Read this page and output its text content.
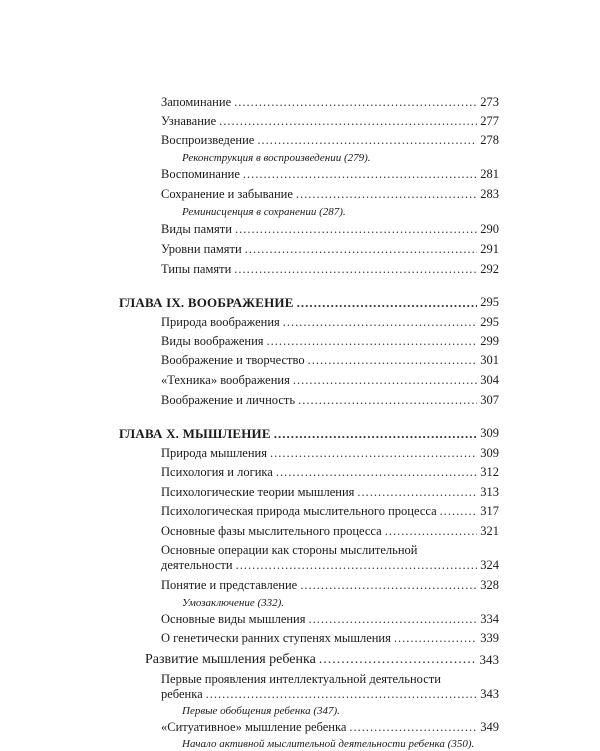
Запоминание .....	273
Узнавание .....	277
Воспроизведение .....	278
Реконструкция в воспроизведении (279).
Воспоминание .....	281
Сохранение и забывание .....	283
Реминисценция в сохранении (287).
Виды памяти .....	290
Уровни памяти .....	291
Типы памяти .....	292
ГЛАВА IX. ВООБРАЖЕНИЕ .....	295
Природа воображения .....	295
Виды воображения .....	299
Воображение и творчество .....	301
«Техника» воображения .....	304
Воображение и личность .....	307
ГЛАВА X. МЫШЛЕНИЕ .....	309
Природа мышления .....	309
Психология и логика .....	312
Психологические теории мышления .....	313
Психологическая природа мыслительного процесса .....	317
Основные фазы мыслительного процесса .....	321
Основные операции как стороны мыслительной
деятельности .....	324
Понятие и представление .....	328
Умозаключение (332).
Основные виды мышления .....	334
О генетически ранних ступенях мышления .....	339
Развитие мышления ребенка .....	343
Первые проявления интеллектуальной деятельности
ребенка .....	343
Первые обобщения ребенка (347).
«Ситуативное» мышление ребенка .....	349
Начало активной мыслительной деятельности ребенка (350).
